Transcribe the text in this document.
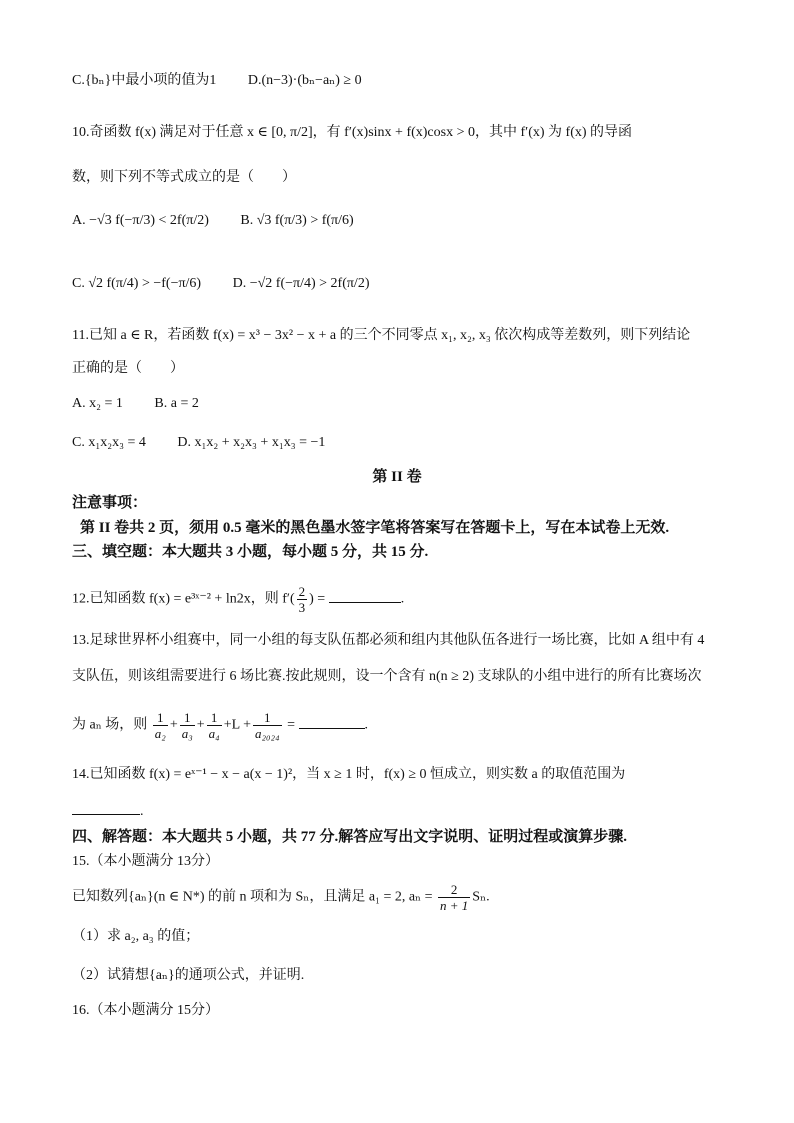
C.{bₙ}中最小项的值为1 D.(n−3)·(bₙ−aₙ) ≥ 0
10.奇函数 f(x) 满足对于任意 x ∈ [0, π/2]，有 f′(x)sinx + f(x)cosx > 0，其中 f′(x) 为 f(x) 的导函
数，则下列不等式成立的是（　　）
A. −√3 f(−π/3) < 2f(π/2) B. √3 f(π/3) > f(π/6)
C. √2 f(π/4) > −f(−π/6) D. −√2 f(−π/4) > 2f(π/2)
11.已知 a ∈ R，若函数 f(x) = x³ − 3x² − x + a 的三个不同零点 x₁, x₂, x₃ 依次构成等差数列，则下列结论
正确的是（　　）
A. x₂ = 1 B. a = 2
C. x₁x₂x₃ = 4 D. x₁x₂ + x₂x₃ + x₁x₃ = −1
第 II 卷
注意事项：
第 II 卷共 2 页，须用 0.5 毫米的黑色墨水签字笔将答案写在答题卡上，写在本试卷上无效.
三、填空题：本大题共 3 小题，每小题 5 分，共 15 分.
12.已知函数 f(x) = e³ˣ⁻² + ln2x，则 $f'( \frac{2}{3}$ ) =	.
13.足球世界杯小组赛中，同一小组的每支队伍都必须和组内其他队伍各进行一场比赛，比如 A 组中有 4
支队伍，则该组需要进行 6 场比赛.按此规则，设一个含有 n(n ≥ 2) 支球队的小组中进行的所有比赛场次
为 aₙ 场，则 $\frac{1}{\text{a₂}} + \frac{1}{\text{a₃}} + \frac{1}{\text{a₄}} +L + \frac{1}{\text{a₂₀₂₄}}$ =	.
14.已知函数 f(x) = eˣ⁻¹ − x − a(x − 1)²，当 x ≥ 1 时，f(x) ≥ 0 恒成立，则实数 a 的取值范围为
.
四、解答题：本大题共 5 小题，共 77 分.解答应写出文字说明、证明过程或演算步骤.
15.（本小题满分 13分）
已知数列{aₙ}(n ∈ N*) 的前 n 项和为 Sₙ，且满足 a₁ = 2, $a_n = \frac{2}{n + 1} S_n$.
（1）求 a₂, a₃ 的值；
（2）试猜想{aₙ}的通项公式，并证明.
16.（本小题满分 15分）
